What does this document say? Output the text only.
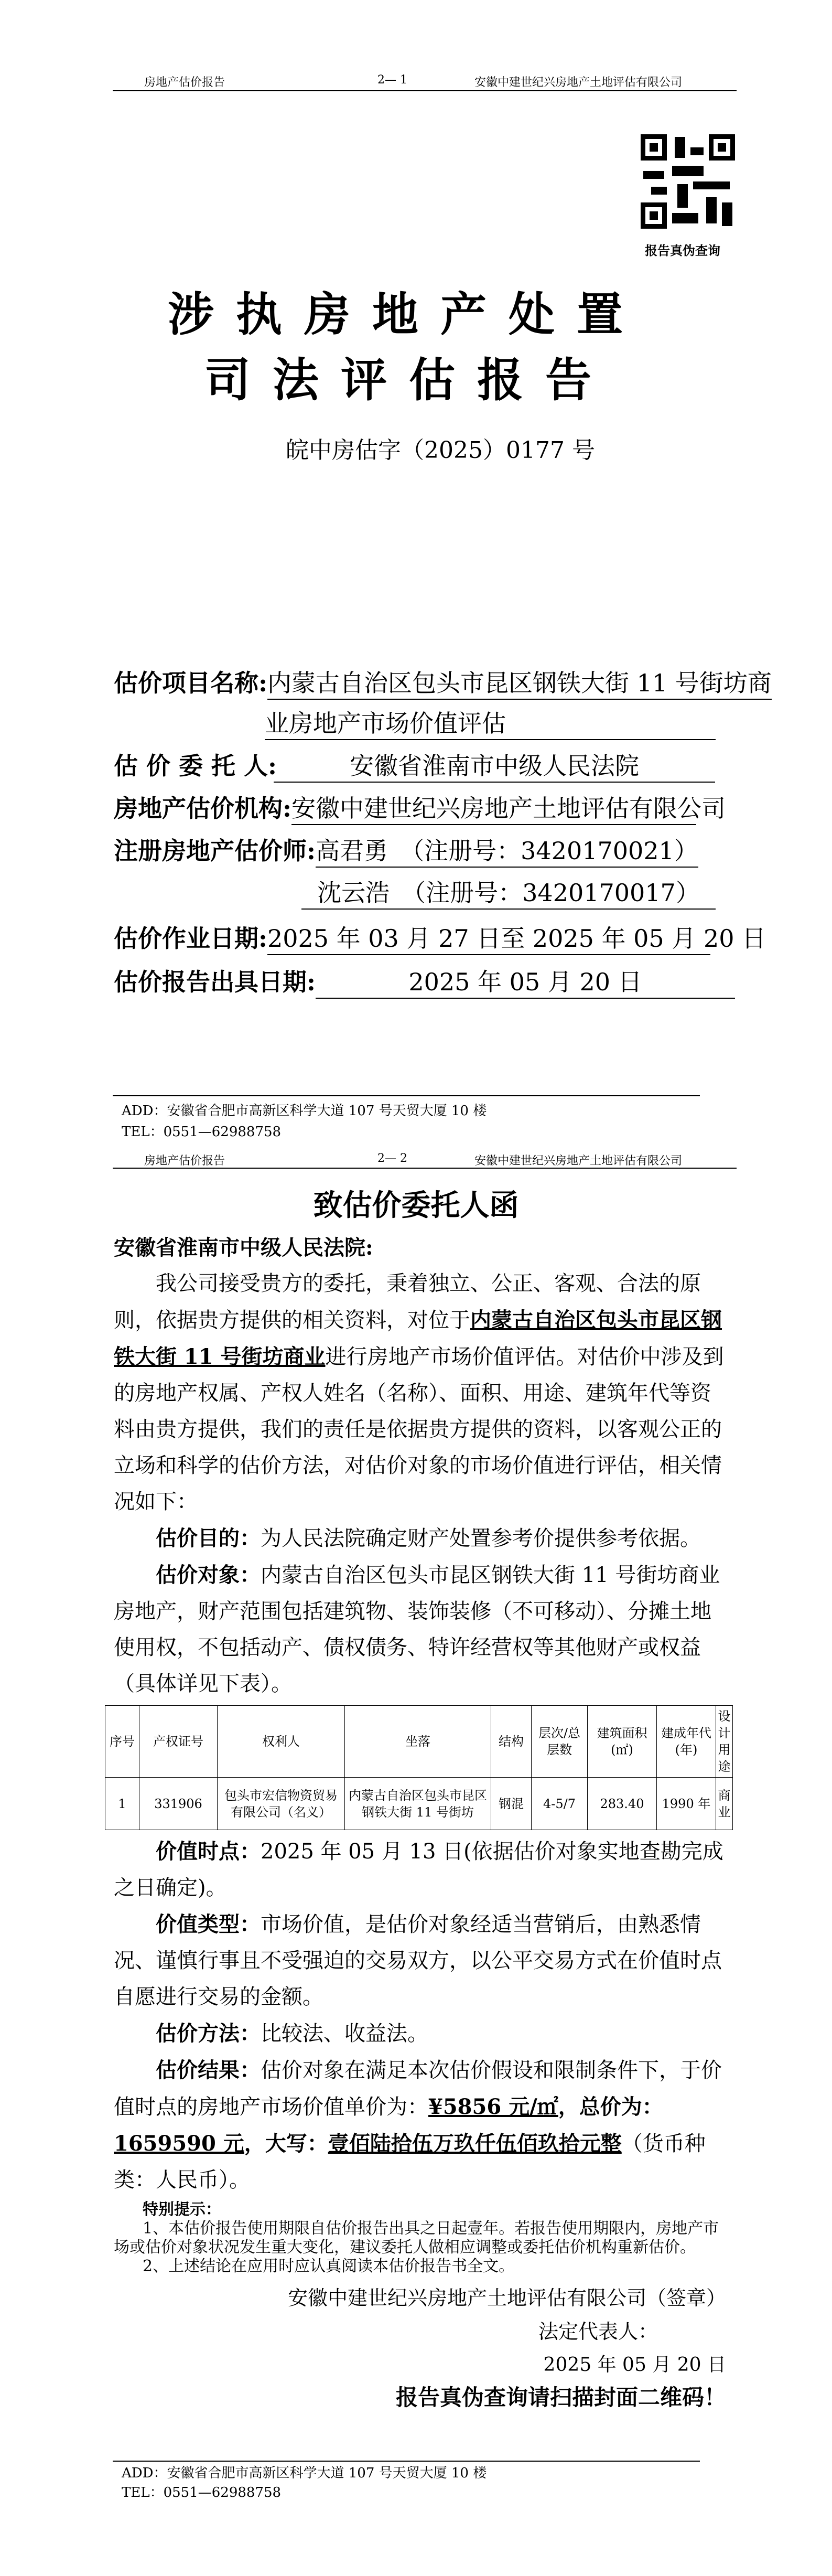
房地产估价报告	2— 1	安徽中建世纪兴房地产土地评估有限公司
报告真伪查询
涉执房地产处置
司法评估报告
皖中房估字（2025）0177 号
估价项目名称:内蒙古自治区包头市昆区钢铁大街 11 号街坊商
业房地产市场价值评估
估 价 委 托 人:	安徽省淮南市中级人民法院
房地产估价机构:安徽中建世纪兴房地产土地评估有限公司
注册房地产估价师:高君勇　（注册号：3420170021）
沈云浩　（注册号：3420170017）
估价作业日期:2025 年 03 月 27 日至 2025 年 05 月 20 日
估价报告出具日期:	2025 年 05 月 20 日
ADD：安徽省合肥市高新区科学大道 107 号天贸大厦 10 楼
TEL：0551—62988758
房地产估价报告	2— 2	安徽中建世纪兴房地产土地评估有限公司
致估价委托人函

安徽省淮南市中级人民法院:

我公司接受贵方的委托，秉着独立、公正、客观、合法的原则，依据贵方提供的相关资料，对位于内蒙古自治区包头市昆区钢铁大街 11 号街坊商业进行房地产市场价值评估。对估价中涉及到的房地产权属、产权人姓名（名称）、面积、用途、建筑年代等资料由贵方提供，我们的责任是依据贵方提供的资料，以客观公正的立场和科学的估价方法，对估价对象的市场价值进行评估，相关情况如下：

估价目的：为人民法院确定财产处置参考价提供参考依据。

估价对象：内蒙古自治区包头市昆区钢铁大街 11 号街坊商业房地产，财产范围包括建筑物、装饰装修（不可移动）、分摊土地使用权，不包括动产、债权债务、特许经营权等其他财产或权益（具体详见下表）。

序号	产权证号	权利人	坐落	结构	层次/总层数	建筑面积(㎡)	建成年代(年)	设计用途
1	331906	包头市宏信物资贸易有限公司（名义）	内蒙古自治区包头市昆区钢铁大街 11 号街坊	钢混	4-5/7	283.40	1990 年	商业

价值时点：2025 年 05 月 13 日(依据估价对象实地查勘完成之日确定)。

价值类型：市场价值，是估价对象经适当营销后，由熟悉情况、谨慎行事且不受强迫的交易双方，以公平交易方式在价值时点自愿进行交易的金额。

估价方法：比较法、收益法。

估价结果：估价对象在满足本次估价假设和限制条件下，于价值时点的房地产市场价值单价为：¥5856 元/㎡，总价为：1659590 元，大写：壹佰陆拾伍万玖仟伍佰玖拾元整（货币种类：人民币）。

特别提示：
1、本估价报告使用期限自估价报告出具之日起壹年。若报告使用期限内，房地产市场或估价对象状况发生重大变化，建议委托人做相应调整或委托估价机构重新估价。
2、上述结论在应用时应认真阅读本估价报告书全文。
安徽中建世纪兴房地产土地评估有限公司（签章）
法定代表人：
2025 年 05 月 20 日
报告真伪查询请扫描封面二维码！
ADD：安徽省合肥市高新区科学大道 107 号天贸大厦 10 楼
TEL：0551—62988758
